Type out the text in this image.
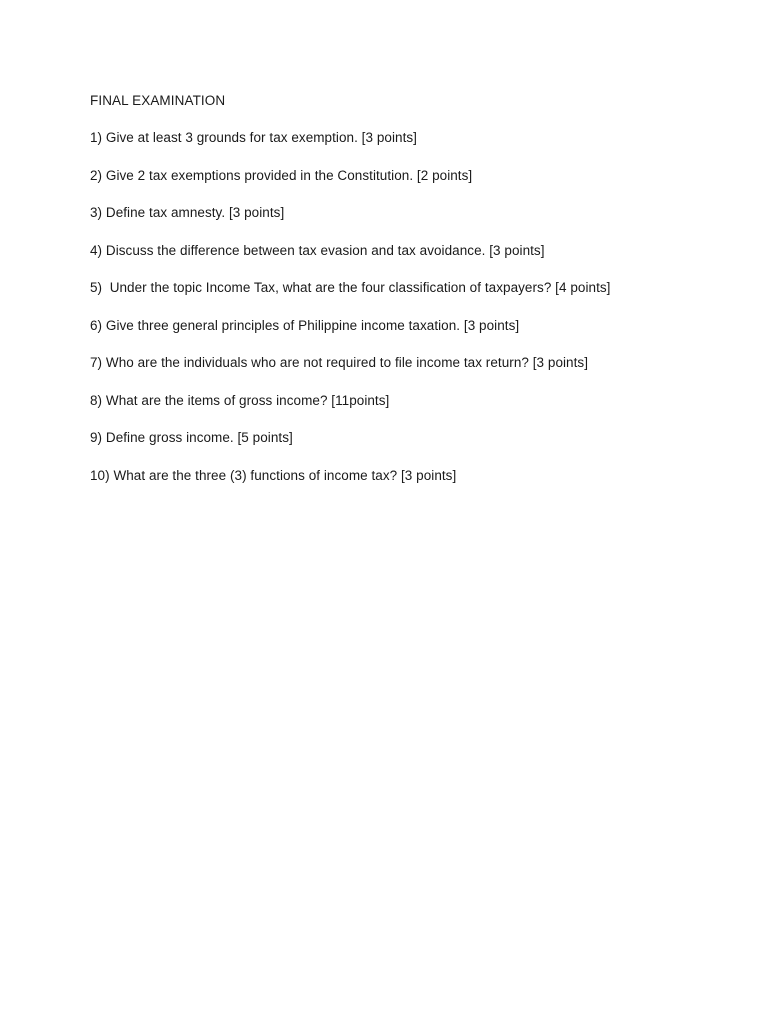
FINAL EXAMINATION
1) Give at least 3 grounds for tax exemption. [3 points]
2) Give 2 tax exemptions provided in the Constitution. [2 points]
3) Define tax amnesty. [3 points]
4) Discuss the difference between tax evasion and tax avoidance. [3 points]
5)  Under the topic Income Tax, what are the four classification of taxpayers? [4 points]
6) Give three general principles of Philippine income taxation. [3 points]
7) Who are the individuals who are not required to file income tax return? [3 points]
8) What are the items of gross income? [11points]
9) Define gross income. [5 points]
10) What are the three (3) functions of income tax? [3 points]
